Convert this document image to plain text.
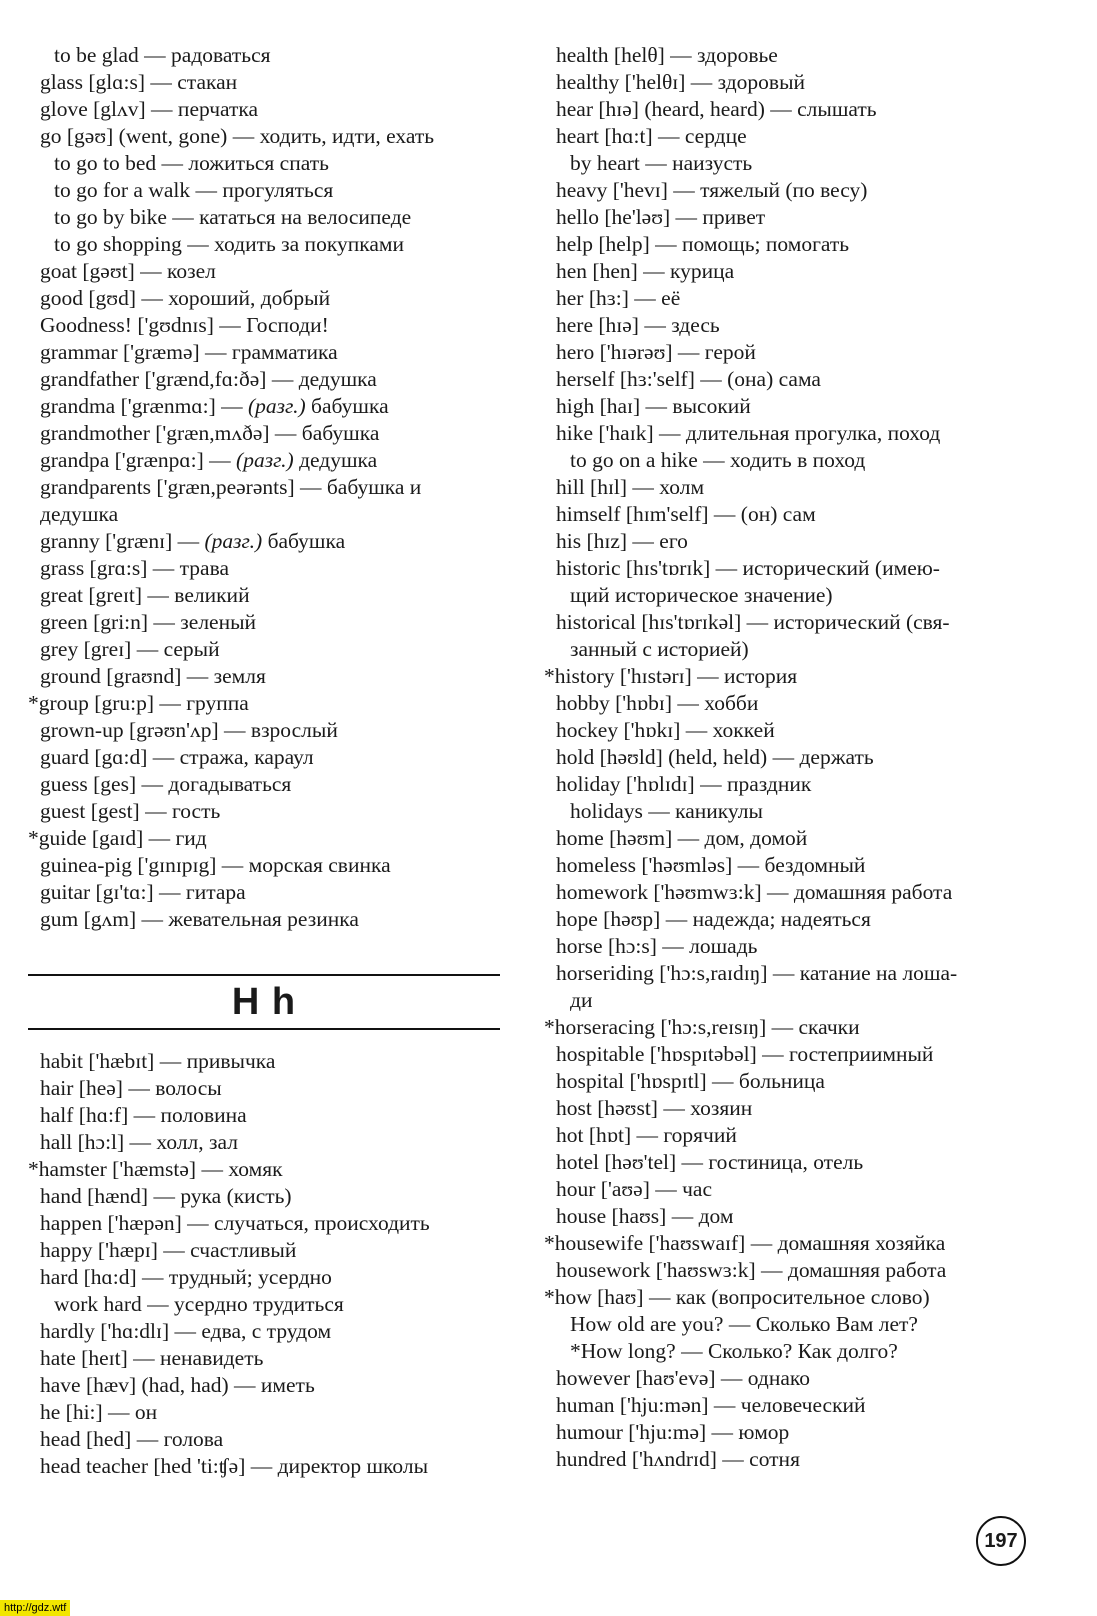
to be glad — радоваться
glass [glɑ:s] — стакан
glove [glʌv] — перчатка
go [gəʊ] (went, gone) — ходить, идти, ехать
to go to bed — ложиться спать
to go for a walk — прогуляться
to go by bike — кататься на велосипеде
to go shopping — ходить за покупками
goat [gəʊt] — козел
good [gʊd] — хороший, добрый
Goodness! ['gʊdnɪs] — Господи!
grammar ['græmə] — грамматика
grandfather ['grænd,fɑ:ðə] — дедушка
grandma ['grænmɑ:] — (разг.) бабушка
grandmother ['græn,mʌðə] — бабушка
grandpa ['grænpɑ:] — (разг.) дедушка
grandparents ['græn,peərənts] — бабушка и
дедушка
granny ['grænɪ] — (разг.) бабушка
grass [grɑ:s] — трава
great [greɪt] — великий
green [gri:n] — зеленый
grey [greɪ] — серый
ground [graʊnd] — земля
*group [gru:p] — группа
grown-up [grəʊn'ʌp] — взрослый
guard [gɑ:d] — стража, караул
guess [ges] — догадываться
guest [gest] — гость
*guide [gaɪd] — гид
guinea-pig ['gɪnɪpɪg] — морская свинка
guitar [gɪ'tɑ:] — гитара
gum [gʌm] — жевательная резинка
H h
habit ['hæbɪt] — привычка
hair [heə] — волосы
half [hɑ:f] — половина
hall [hɔ:l] — холл, зал
*hamster ['hæmstə] — хомяк
hand [hænd] — рука (кисть)
happen ['hæpən] — случаться, происходить
happy ['hæpɪ] — счастливый
hard [hɑ:d] — трудный; усердно
work hard — усердно трудиться
hardly ['hɑ:dlɪ] — едва, с трудом
hate [heɪt] — ненавидеть
have [hæv] (had, had) — иметь
he [hi:] — он
head [hed] — голова
head teacher [hed 'ti:ʧə] — директор школы
health [helθ] — здоровье
healthy ['helθɪ] — здоровый
hear [hɪə] (heard, heard) — слышать
heart [hɑ:t] — сердце
by heart — наизусть
heavy ['hevɪ] — тяжелый (по весу)
hello [he'ləʊ] — привет
help [help] — помощь; помогать
hen [hen] — курица
her [hɜ:] — её
here [hɪə] — здесь
hero ['hɪərəʊ] — герой
herself [hɜ:'self] — (она) сама
high [haɪ] — высокий
hike ['haɪk] — длительная прогулка, поход
to go on a hike — ходить в поход
hill [hɪl] — холм
himself [hɪm'self] — (он) сам
his [hɪz] — его
historic [hɪs'tɒrɪk] — исторический (имею-
щий историческое значение)
historical [hɪs'tɒrɪkəl] — исторический (свя-
занный с историей)
*history ['hɪstərɪ] — история
hobby ['hɒbɪ] — хобби
hockey ['hɒkɪ] — хоккей
hold [həʊld] (held, held) — держать
holiday ['hɒlɪdɪ] — праздник
holidays — каникулы
home [həʊm] — дом, домой
homeless ['həʊmləs] — бездомный
homework ['həʊmwɜ:k] — домашняя работа
hope [həʊp] — надежда; надеяться
horse [hɔ:s] — лошадь
horseriding ['hɔ:s,raɪdɪŋ] — катание на лоша-
ди
*horseracing ['hɔ:s,reɪsɪŋ] — скачки
hospitable ['hɒspɪtəbəl] — гостеприимный
hospital ['hɒspɪtl] — больница
host [həʊst] — хозяин
hot [hɒt] — горячий
hotel [həʊ'tel] — гостиница, отель
hour ['aʊə] — час
house [haʊs] — дом
*housewife ['haʊswaɪf] — домашняя хозяйка
housework ['haʊswɜ:k] — домашняя работа
*how [haʊ] — как (вопросительное слово)
How old are you? — Сколько Вам лет?
*How long? — Сколько? Как долго?
however [haʊ'evə] — однако
human ['hju:mən] — человеческий
humour ['hju:mə] — юмор
hundred ['hʌndrɪd] — сотня
197
http://gdz.wtf
